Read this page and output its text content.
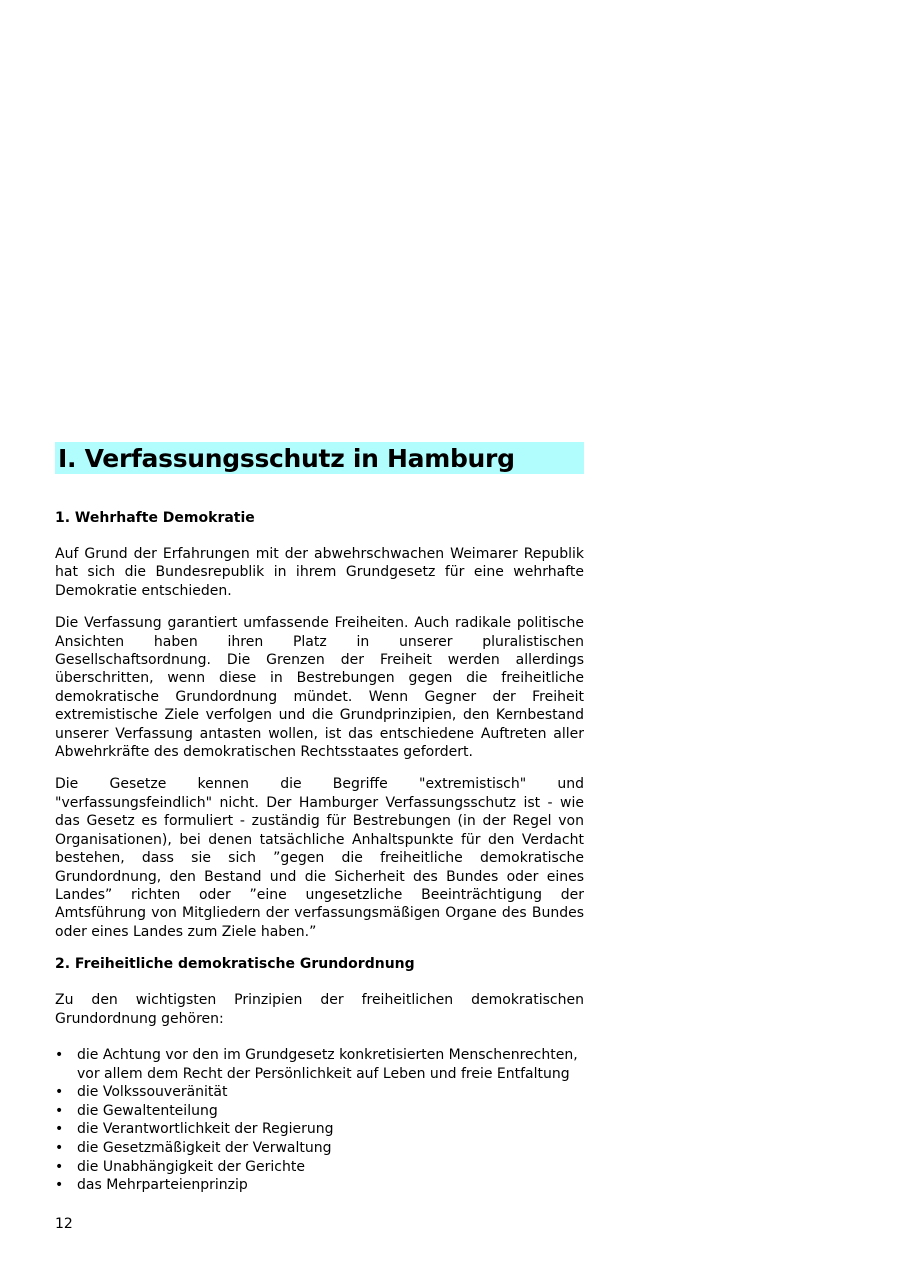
I. Verfassungsschutz in Hamburg
1. Wehrhafte Demokratie

Auf Grund der Erfahrungen mit der abwehrschwachen Weimarer Republik hat sich die Bundesrepublik in ihrem Grundgesetz für eine wehrhafte Demokratie entschieden.

Die Verfassung garantiert umfassende Freiheiten. Auch radikale politische Ansichten haben ihren Platz in unserer pluralistischen Gesellschaftsordnung. Die Grenzen der Freiheit werden allerdings überschritten, wenn diese in Bestrebungen gegen die freiheitliche demokratische Grundordnung mündet. Wenn Gegner der Freiheit extremistische Ziele verfolgen und die Grundprinzipien, den Kernbestand unserer Verfassung antasten wollen, ist das entschiedene Auftreten aller Abwehrkräfte des demokratischen Rechtsstaates gefordert.

Die Gesetze kennen die Begriffe "extremistisch" und "verfassungsfeindlich" nicht. Der Hamburger Verfassungsschutz ist - wie das Gesetz es formuliert - zuständig für Bestrebungen (in der Regel von Organisationen), bei denen tatsächliche Anhaltspunkte für den Verdacht bestehen, dass sie sich ”gegen die freiheitliche demokratische Grundordnung, den Bestand und die Sicherheit des Bundes oder eines Landes” richten oder ”eine ungesetzliche Beeinträchtigung der Amtsführung von Mitgliedern der verfassungsmäßigen Organe des Bundes oder eines Landes zum Ziele haben.”

2. Freiheitliche demokratische Grundordnung

Zu den wichtigsten Prinzipien der freiheitlichen demokratischen Grundordnung gehören:

• die Achtung vor den im Grundgesetz konkretisierten Menschenrechten, vor allem dem Recht der Persönlichkeit auf Leben und freie Entfaltung
• die Volkssouveränität
• die Gewaltenteilung
• die Verantwortlichkeit der Regierung
• die Gesetzmäßigkeit der Verwaltung
• die Unabhängigkeit der Gerichte
• das Mehrparteienprinzip
12
